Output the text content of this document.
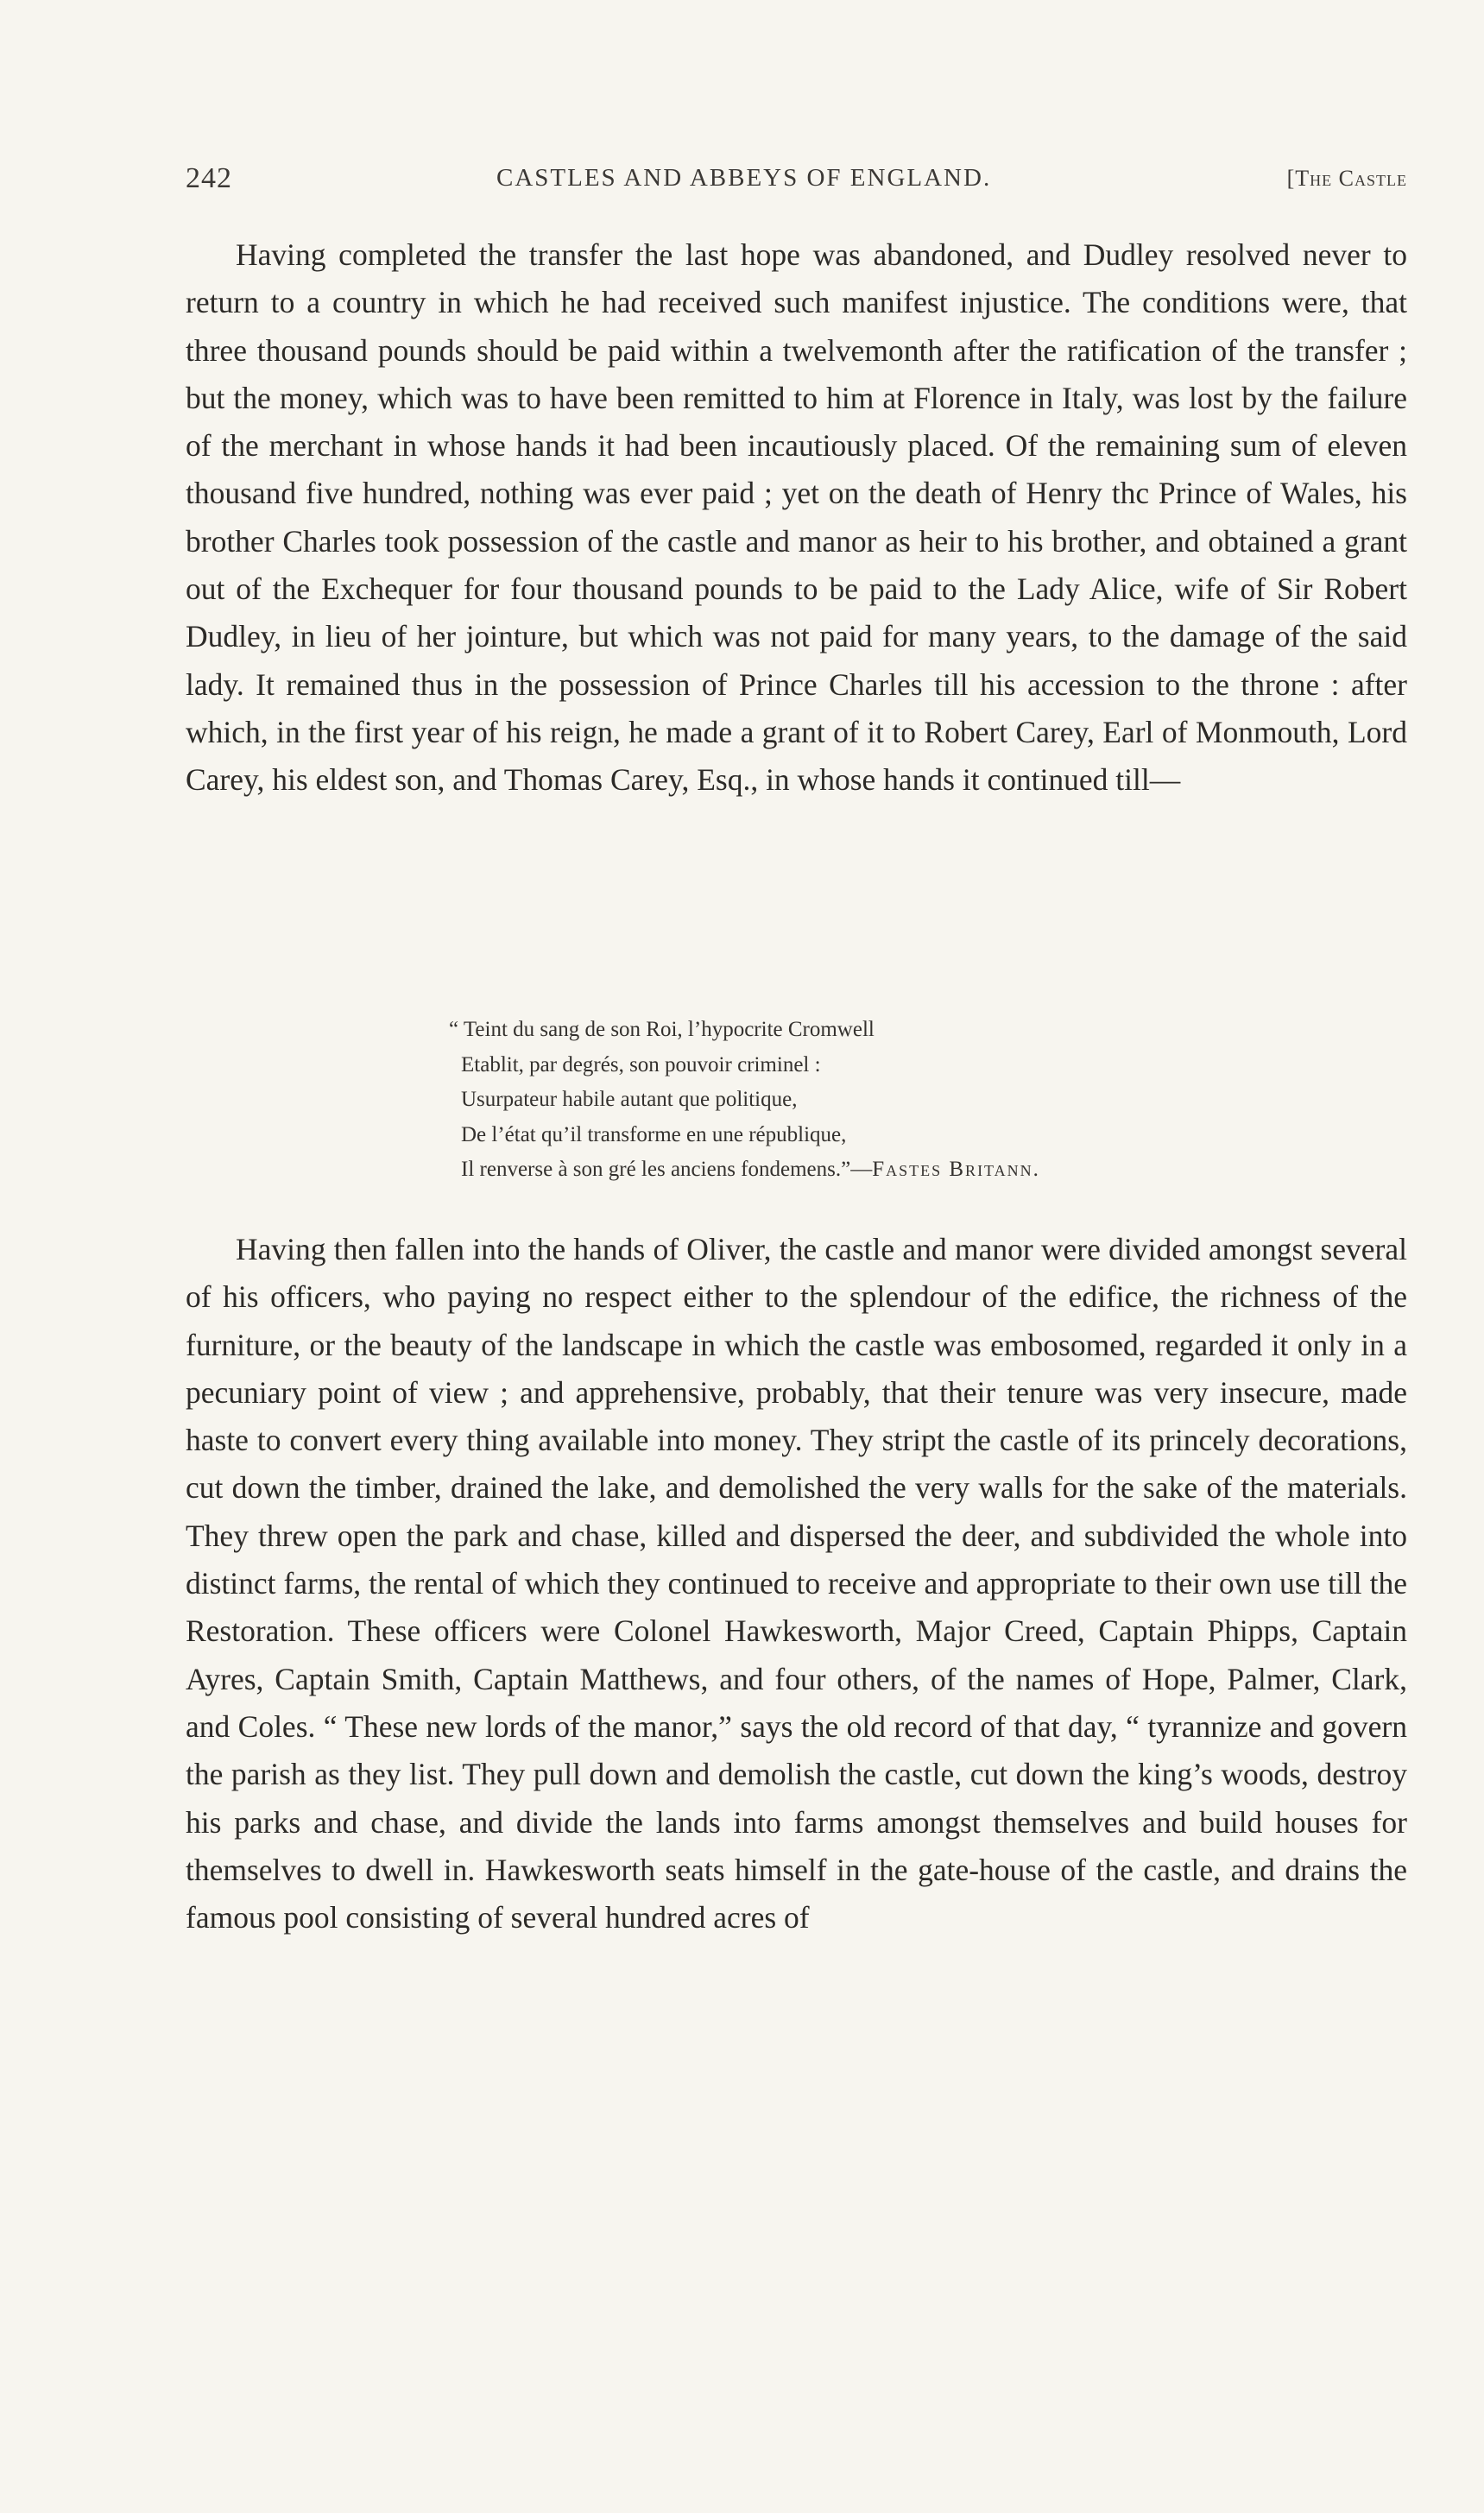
242	CASTLES AND ABBEYS OF ENGLAND.	[The Castle

Having completed the transfer the last hope was abandoned, and Dudley resolved never to return to a country in which he had received such manifest injustice. The conditions were, that three thousand pounds should be paid within a twelvemonth after the ratification of the transfer ; but the money, which was to have been remitted to him at Florence in Italy, was lost by the failure of the merchant in whose hands it had been incautiously placed. Of the remaining sum of eleven thousand five hundred, nothing was ever paid ; yet on the death of Henry thc Prince of Wales, his brother Charles took possession of the castle and manor as heir to his brother, and obtained a grant out of the Exchequer for four thousand pounds to be paid to the Lady Alice, wife of Sir Robert Dudley, in lieu of her jointure, but which was not paid for many years, to the damage of the said lady. It remained thus in the possession of Prince Charles till his accession to the throne : after which, in the first year of his reign, he made a grant of it to Robert Carey, Earl of Monmouth, Lord Carey, his eldest son, and Thomas Carey, Esq., in whose hands it continued till—

“ Teint du sang de son Roi, l’hypocrite Cromwell
Etablit, par degrés, son pouvoir criminel :
Usurpateur habile autant que politique,
De l’état qu’il transforme en une république,
Il renverse à son gré les anciens fondemens.”—Fastes Britann.

Having then fallen into the hands of Oliver, the castle and manor were divided amongst several of his officers, who paying no respect either to the splendour of the edifice, the richness of the furniture, or the beauty of the landscape in which the castle was embosomed, regarded it only in a pecuniary point of view ; and apprehensive, probably, that their tenure was very insecure, made haste to convert every thing available into money. They stript the castle of its princely decorations, cut down the timber, drained the lake, and demolished the very walls for the sake of the materials. They threw open the park and chase, killed and dispersed the deer, and subdivided the whole into distinct farms, the rental of which they continued to receive and appropriate to their own use till the Restoration. These officers were Colonel Hawkesworth, Major Creed, Captain Phipps, Captain Ayres, Captain Smith, Captain Matthews, and four others, of the names of Hope, Palmer, Clark, and Coles. “ These new lords of the manor,” says the old record of that day, “ tyrannize and govern the parish as they list. They pull down and demolish the castle, cut down the king’s woods, destroy his parks and chase, and divide the lands into farms amongst themselves and build houses for themselves to dwell in. Hawkesworth seats himself in the gate-house of the castle, and drains the famous pool consisting of several hundred acres of
